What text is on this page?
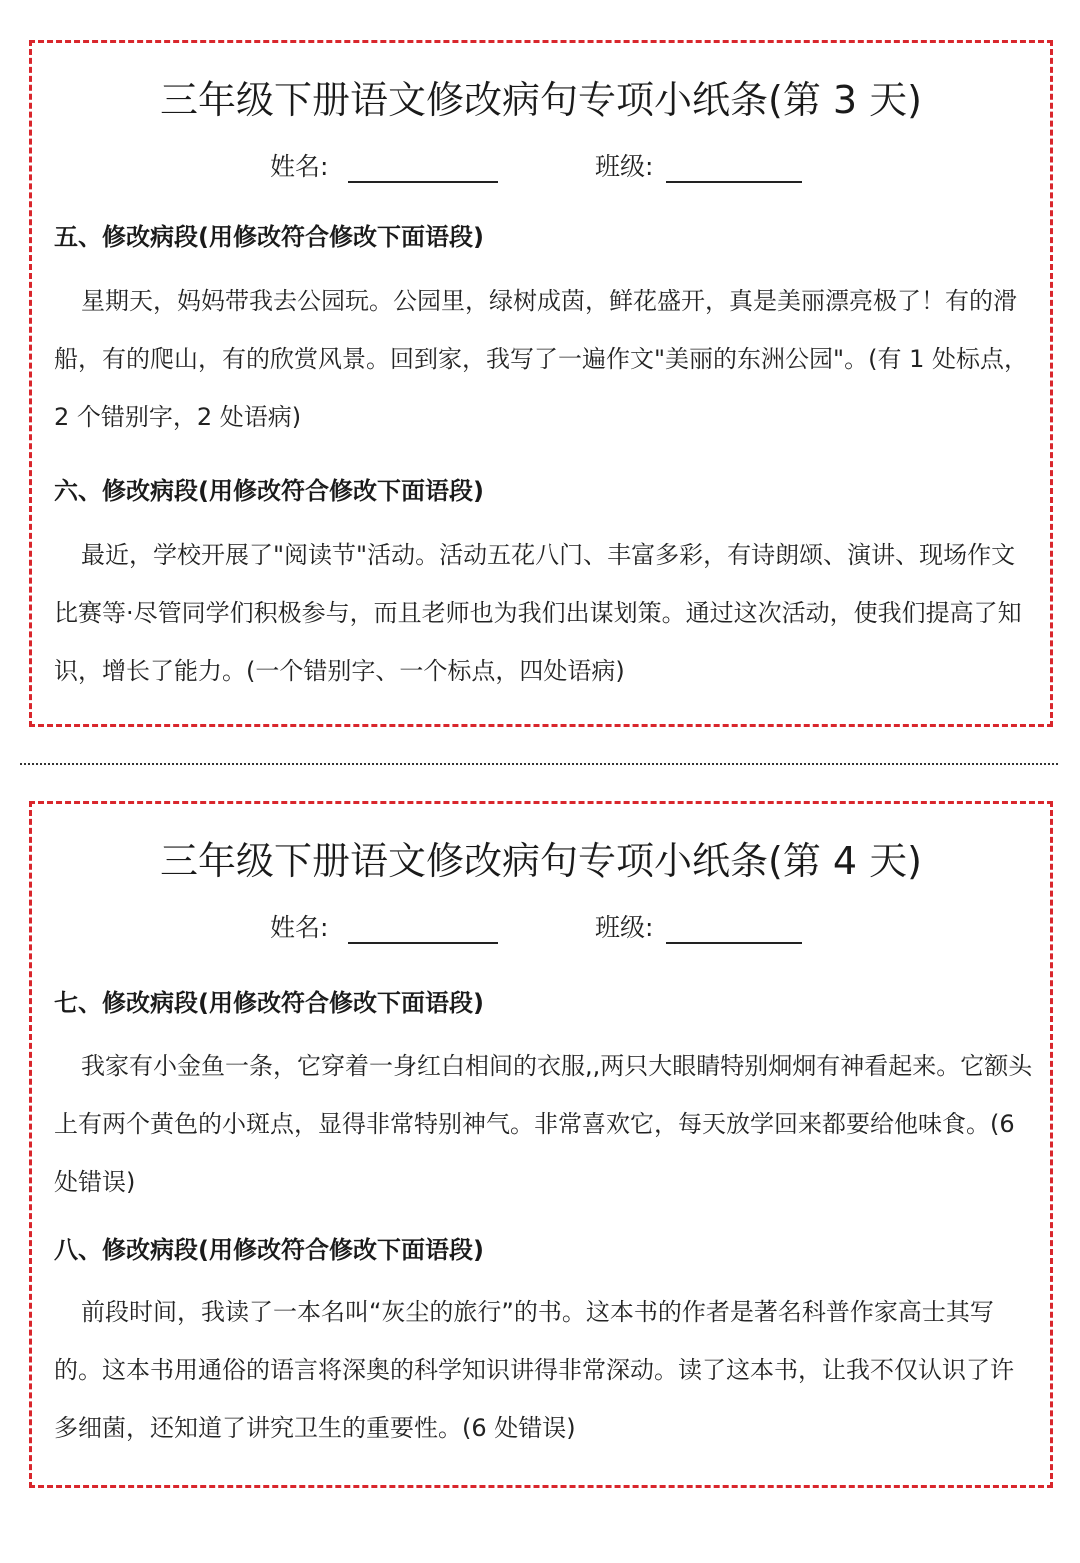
三年级下册语文修改病句专项小纸条(第 3 天)
姓名:	班级:
五、修改病段(用修改符合修改下面语段)

星期天，妈妈带我去公园玩。公园里，绿树成茵，鲜花盛开，真是美丽漂亮极了！有的滑船，有的爬山，有的欣赏风景。回到家，我写了一遍作文"美丽的东洲公园"。(有 1 处标点，2 个错别字，2 处语病)

六、修改病段(用修改符合修改下面语段)

最近，学校开展了"阅读节"活动。活动五花八门、丰富多彩，有诗朗颂、演讲、现场作文比赛等·尽管同学们积极参与，而且老师也为我们出谋划策。通过这次活动，使我们提高了知识，增长了能力。(一个错别字、一个标点，四处语病)

三年级下册语文修改病句专项小纸条(第 4 天)
姓名:	班级:
七、修改病段(用修改符合修改下面语段)

我家有小金鱼一条，它穿着一身红白相间的衣服,,两只大眼睛特别炯炯有神看起来。它额头上有两个黄色的小斑点，显得非常特别神气。非常喜欢它，每天放学回来都要给他味食。(6 处错误)

八、修改病段(用修改符合修改下面语段)

前段时间，我读了一本名叫“灰尘的旅行”的书。这本书的作者是著名科普作家高士其写的。这本书用通俗的语言将深奥的科学知识讲得非常深动。读了这本书，让我不仅认识了许多细菌，还知道了讲究卫生的重要性。(6 处错误)
